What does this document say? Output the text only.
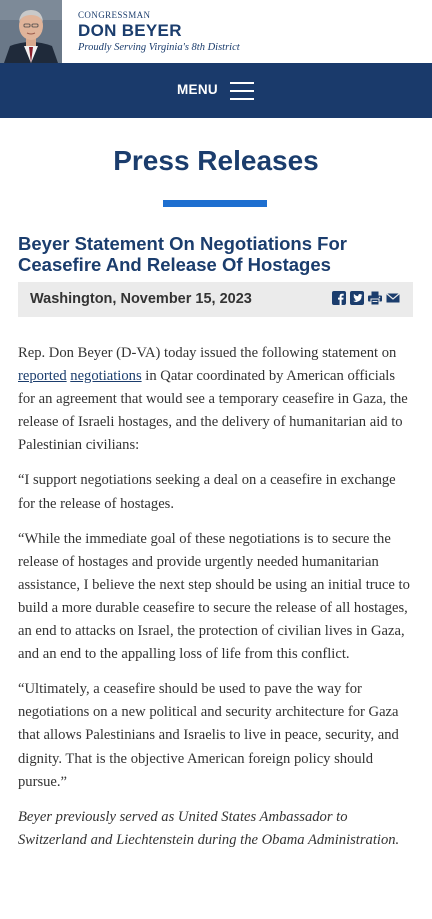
CONGRESSMAN
DON BEYER
Proudly Serving Virginia's 8th District
MENU
Press Releases
Beyer Statement On Negotiations For Ceasefire And Release Of Hostages
Washington, November 15, 2023

Rep. Don Beyer (D-VA) today issued the following statement on reported negotiations in Qatar coordinated by American officials for an agreement that would see a temporary ceasefire in Gaza, the release of Israeli hostages, and the delivery of humanitarian aid to Palestinian civilians:

“I support negotiations seeking a deal on a ceasefire in exchange for the release of hostages.

“While the immediate goal of these negotiations is to secure the release of hostages and provide urgently needed humanitarian assistance, I believe the next step should be using an initial truce to build a more durable ceasefire to secure the release of all hostages, an end to attacks on Israel, the protection of civilian lives in Gaza, and an end to the appalling loss of life from this conflict.

“Ultimately, a ceasefire should be used to pave the way for negotiations on a new political and security architecture for Gaza that allows Palestinians and Israelis to live in peace, security, and dignity. That is the objective American foreign policy should pursue.”

Beyer previously served as United States Ambassador to Switzerland and Liechtenstein during the Obama Administration.
